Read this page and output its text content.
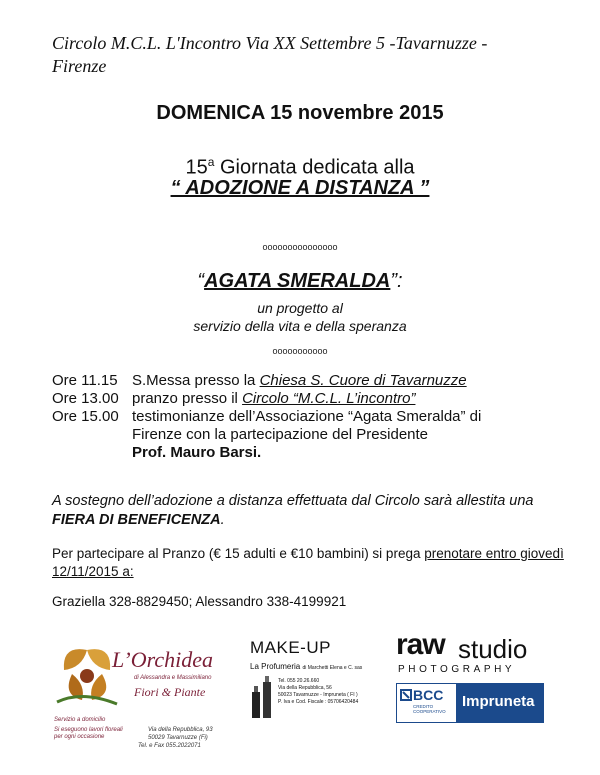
Circolo M.C.L. L'Incontro Via XX Settembre 5 -Tavarnuzze -
Firenze
DOMENICA 15 novembre 2015
15$^a$ Giornata dedicata alla
“ ADOZIONE A DISTANZA ”
ooooooooooooooo
“AGATA SMERALDA”:
un progetto al
servizio della vita e della speranza
ooooooooooo
Ore 11.15 S.Messa presso la Chiesa S. Cuore di Tavarnuzze
Ore 13.00 pranzo presso il Circolo “M.C.L. L’incontro”
Ore 15.00 testimonianze dell’Associazione “Agata Smeralda” di
Firenze con la partecipazione del Presidente
Prof. Mauro Barsi.
A sostegno dell’adozione a distanza effettuata dal Circolo sarà allestita una FIERA DI BENEFICENZA.
Per partecipare al Pranzo (€ 15 adulti e €10 bambini) si prega prenotare entro giovedì 12/11/2015 a:
Graziella 328-8829450; Alessandro 338-4199921
L’Orchidea
di Alessandra e Massimiliano
Fiori & Piante
Servizio a domicilio
Si eseguono lavori floreali per ogni occasione
Via della Repubblica, 93
50029 Tavarnuzze (Fi)
Tel. e Fax 055.2022071
MAKE-UP
La Profumeria di Marchetti Elena e C. sas
Tel. 055 20.26.660
Via della Repubblica, 56
50023 Tavarnuzze - Impruneta ( FI )
P. Iva e Cod. Fiscale : 05706420484
raw studio
PHOTOGRAPHY
BCC
CREDITO COOPERATIVO
Impruneta
